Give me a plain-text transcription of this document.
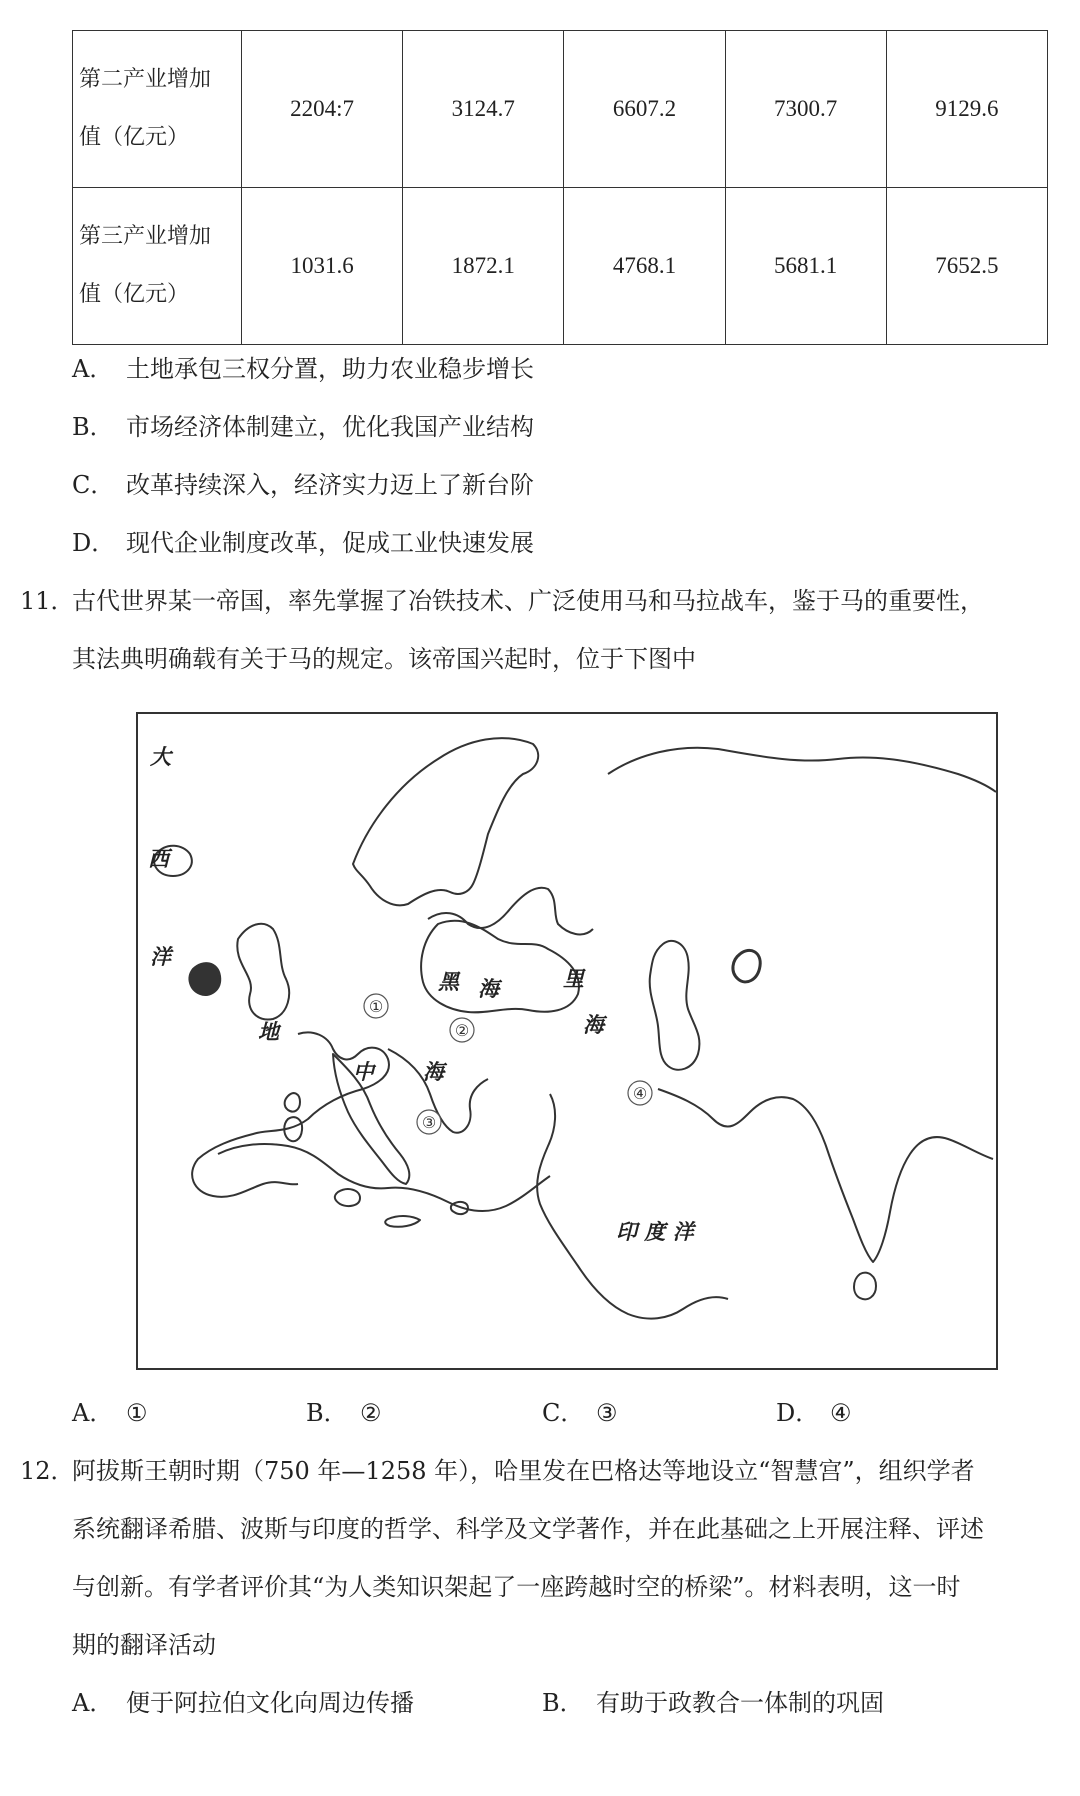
第二产业增加
值（亿元）	2204:7	3124.7	6607.2	7300.7	9129.6
第三产业增加
值（亿元）	1031.6	1872.1	4768.1	5681.1	7652.5
A． 土地承包三权分置，助力农业稳步增长
B． 市场经济体制建立，优化我国产业结构
C． 改革持续深入，经济实力迈上了新台阶
D． 现代企业制度改革，促成工业快速发展
11．古代世界某一帝国，率先掌握了冶铁技术、广泛使用马和马拉战车，鉴于马的重要性，
其法典明确载有关于马的规定。该帝国兴起时，位于下图中
大
西
洋
地
中 海
黑 海	里
海
印 度 洋
①
②
③
④
A． ①	B． ②	C． ③	D． ④
12．阿拔斯王朝时期（750 年—1258 年），哈里发在巴格达等地设立“智慧宫”，组织学者
系统翻译希腊、波斯与印度的哲学、科学及文学著作，并在此基础之上开展注释、评述
与创新。有学者评价其“为人类知识架起了一座跨越时空的桥梁”。材料表明，这一时
期的翻译活动
A． 便于阿拉伯文化向周边传播	B． 有助于政教合一体制的巩固
